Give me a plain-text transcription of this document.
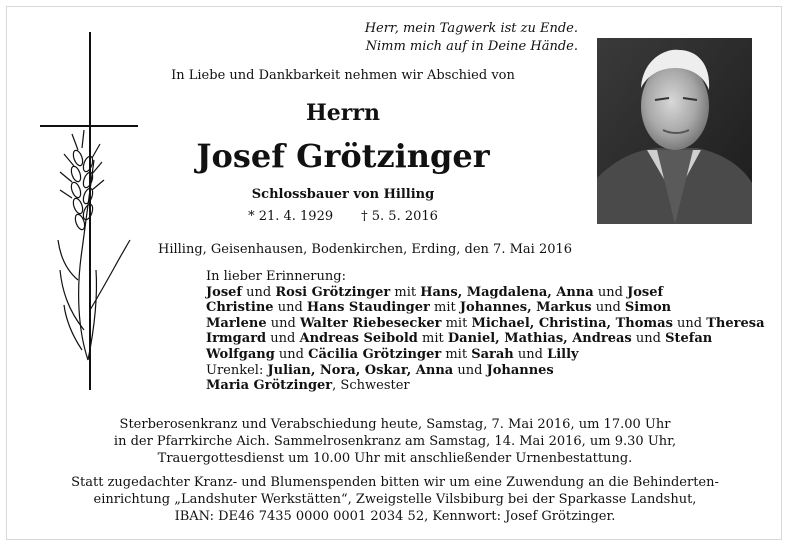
Herr, mein Tagwerk ist zu Ende.
Nimm mich auf in Deine Hände.
In Liebe und Dankbarkeit nehmen wir Abschied von
Herrn
Josef Grötzinger
Schlossbauer von Hilling
* 21. 4. 1929 † 5. 5. 2016
Hilling, Geisenhausen, Bodenkirchen, Erding, den 7. Mai 2016
In lieber Erinnerung:
Josef und Rosi Grötzinger mit Hans, Magdalena, Anna und Josef
Christine und Hans Staudinger mit Johannes, Markus und Simon
Marlene und Walter Riebesecker mit Michael, Christina, Thomas und Theresa
Irmgard und Andreas Seibold mit Daniel, Mathias, Andreas und Stefan
Wolfgang und Cäcilia Grötzinger mit Sarah und Lilly
Urenkel: Julian, Nora, Oskar, Anna und Johannes
Maria Grötzinger, Schwester
Sterberosenkranz und Verabschiedung heute, Samstag, 7. Mai 2016, um 17.00 Uhr
in der Pfarrkirche Aich. Sammelrosenkranz am Samstag, 14. Mai 2016, um 9.30 Uhr,
Trauergottesdienst um 10.00 Uhr mit anschließender Urnenbestattung.
Statt zugedachter Kranz- und Blumenspenden bitten wir um eine Zuwendung an die Behinderten-
einrichtung „Landshuter Werkstätten“, Zweigstelle Vilsbiburg bei der Sparkasse Landshut,
IBAN: DE46 7435 0000 0001 2034 52, Kennwort: Josef Grötzinger.
